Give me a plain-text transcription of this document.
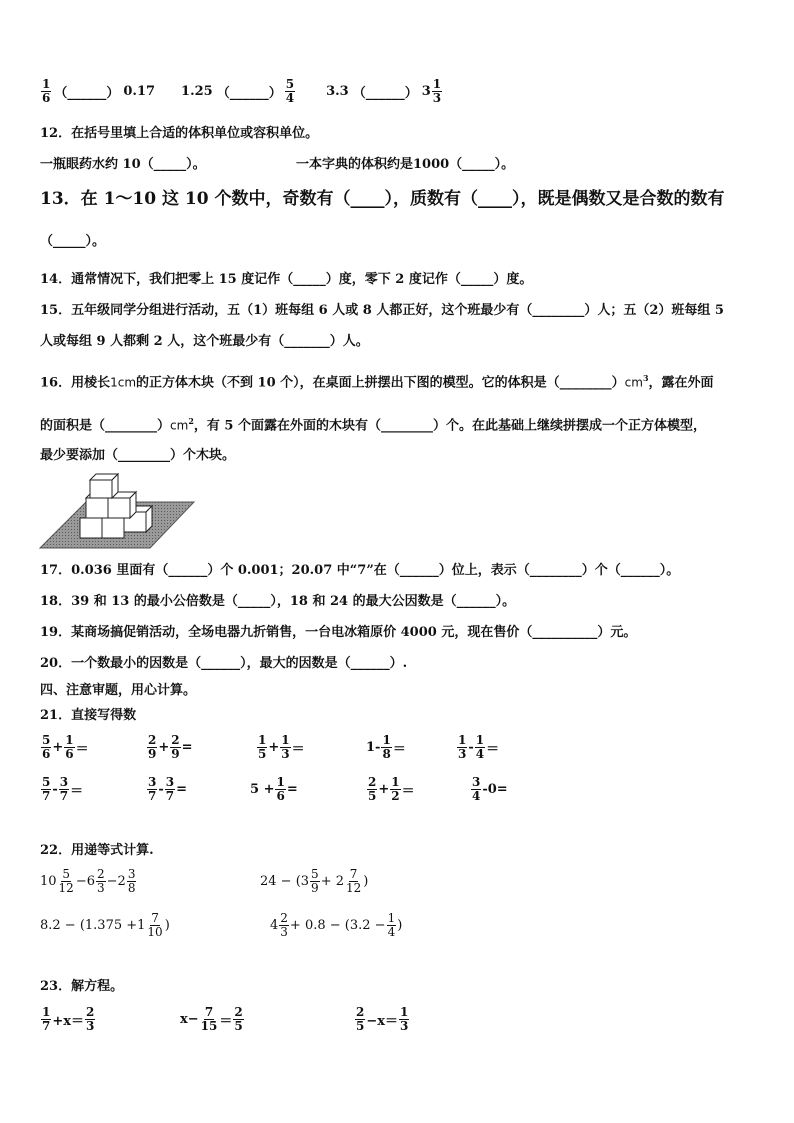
$\frac{1}{6}$ （______） 0.17 1.25 （______） $\frac{5}{4} 3.3$ （______） $3 \frac{1}{3}$
12．在括号里填上合适的体积单位或容积单位。
一瓶眼药水约 10（_____）。	一本字典的体积约是1000（_____）。
13．在 1～10 这 10 个数中，奇数有（____），质数有（____），既是偶数又是合数的数有
（_____）。
14．通常情况下，我们把零上 15 度记作（_____）度，零下 2 度记作（_____）度。
15．五年级同学分组进行活动，五（1）班每组 6 人或 8 人都正好，这个班最少有（________）人；五（2）班每组 5
人或每组 9 人都剩 2 人，这个班最少有（_______）人。
16．用棱长1cm的正方体木块（不到 10 个），在桌面上拼摆出下图的模型。它的体积是$(\_\_\_\_\_\_\_\_)cm^3$，露在外面
的面积是$(\_\_\_\_\_\_\_\_)cm^2$，有 5 个面露在外面的木块有（________）个。在此基础上继续拼摆成一个正方体模型，
最少要添加（________）个木块。
17．0.036 里面有（______）个 0.001；20.07 中“7”在（______）位上，表示（________）个（______）。
18．39 和 13 的最小公倍数是（_____），18 和 24 的最大公因数是（______）。
19．某商场搞促销活动，全场电器九折销售，一台电冰箱原价 4000 元，现在售价（__________）元。
20．一个数最小的因数是（______），最大的因数是（______）.
四、注意审题，用心计算。
21．直接写得数
$\frac{5}{6} + \frac{1}{6}$ ＝	$\frac{2}{9} + \frac{2}{9}$ =	$\frac{1}{5} + \frac{1}{3}$ ＝	$1- \frac{1}{8}$ ＝	$\frac{1}{3} - \frac{1}{4}$ ＝
$\frac{5}{7} - \frac{3}{7}$ ＝	$\frac{3}{7} - \frac{3}{7}$ =	$5 + \frac{1}{6}$ =	$\frac{2}{5} + \frac{1}{2}$ ＝	$\frac{3}{4} -0=$
22．用递等式计算.
$10 \frac{5}{12} -6 \frac{2}{3} -2 \frac{3}{8}$	$24 - (3 \frac{5}{9} + 2 \frac{7}{12}$ )
$8.2 - (1.375 +1 \frac{7}{10}$ )	$4 \frac{2}{3} + 0.8 - (3.2 - \frac{1}{4}$ )
23．解方程。
$\frac{1}{7} +x= \frac{2}{3}$	$x- \frac{7}{15} = \frac{2}{5}$	$\frac{2}{5} -x= \frac{1}{3}$
